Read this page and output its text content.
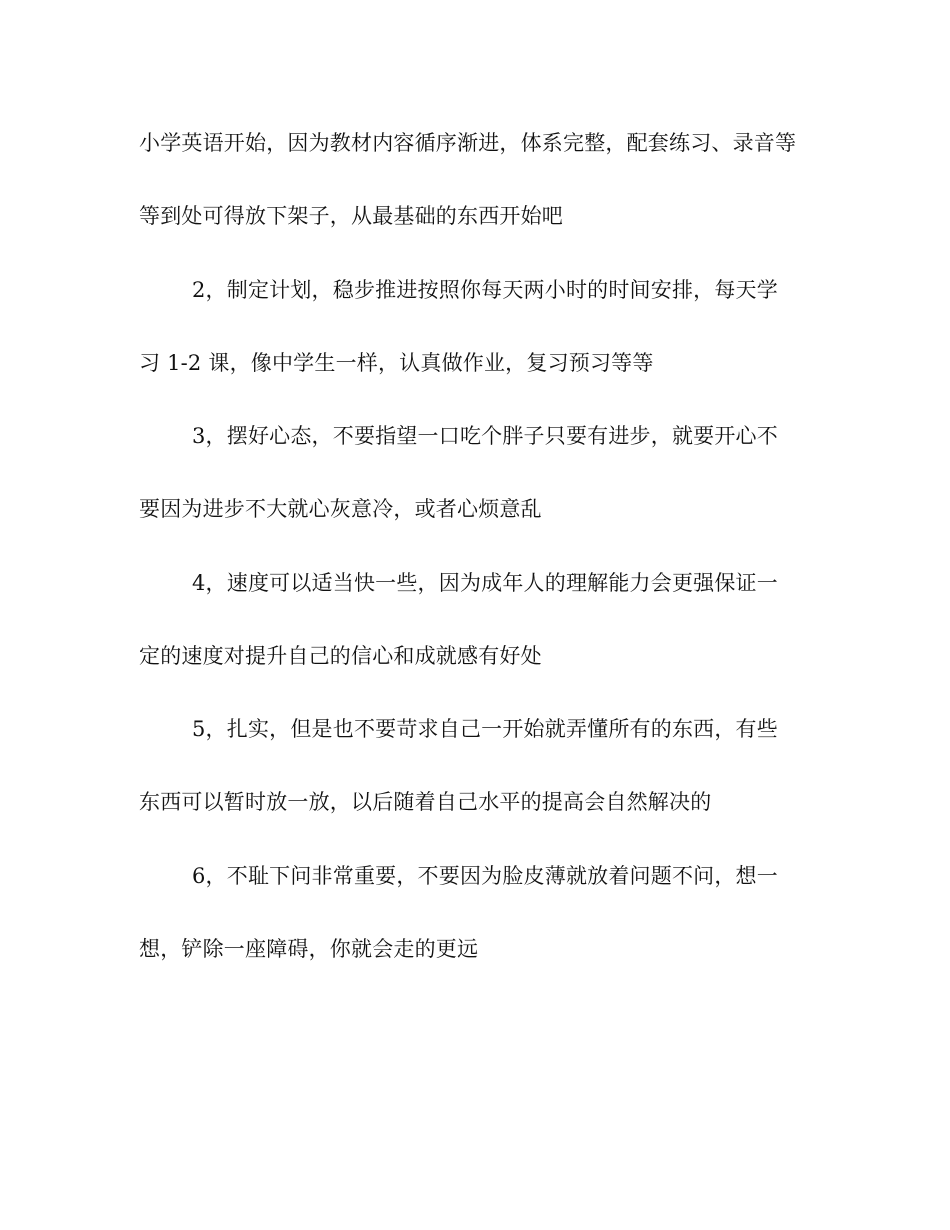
小学英语开始，因为教材内容循序渐进，体系完整，配套练习、录音等
等到处可得放下架子，从最基础的东西开始吧
2，制定计划，稳步推进按照你每天两小时的时间安排，每天学
习 1-2 课，像中学生一样，认真做作业，复习预习等等
3，摆好心态，不要指望一口吃个胖子只要有进步，就要开心不
要因为进步不大就心灰意冷，或者心烦意乱
4，速度可以适当快一些，因为成年人的理解能力会更强保证一
定的速度对提升自己的信心和成就感有好处
5，扎实，但是也不要苛求自己一开始就弄懂所有的东西，有些
东西可以暂时放一放，以后随着自己水平的提高会自然解决的
6，不耻下问非常重要，不要因为脸皮薄就放着问题不问，想一
想，铲除一座障碍，你就会走的更远
